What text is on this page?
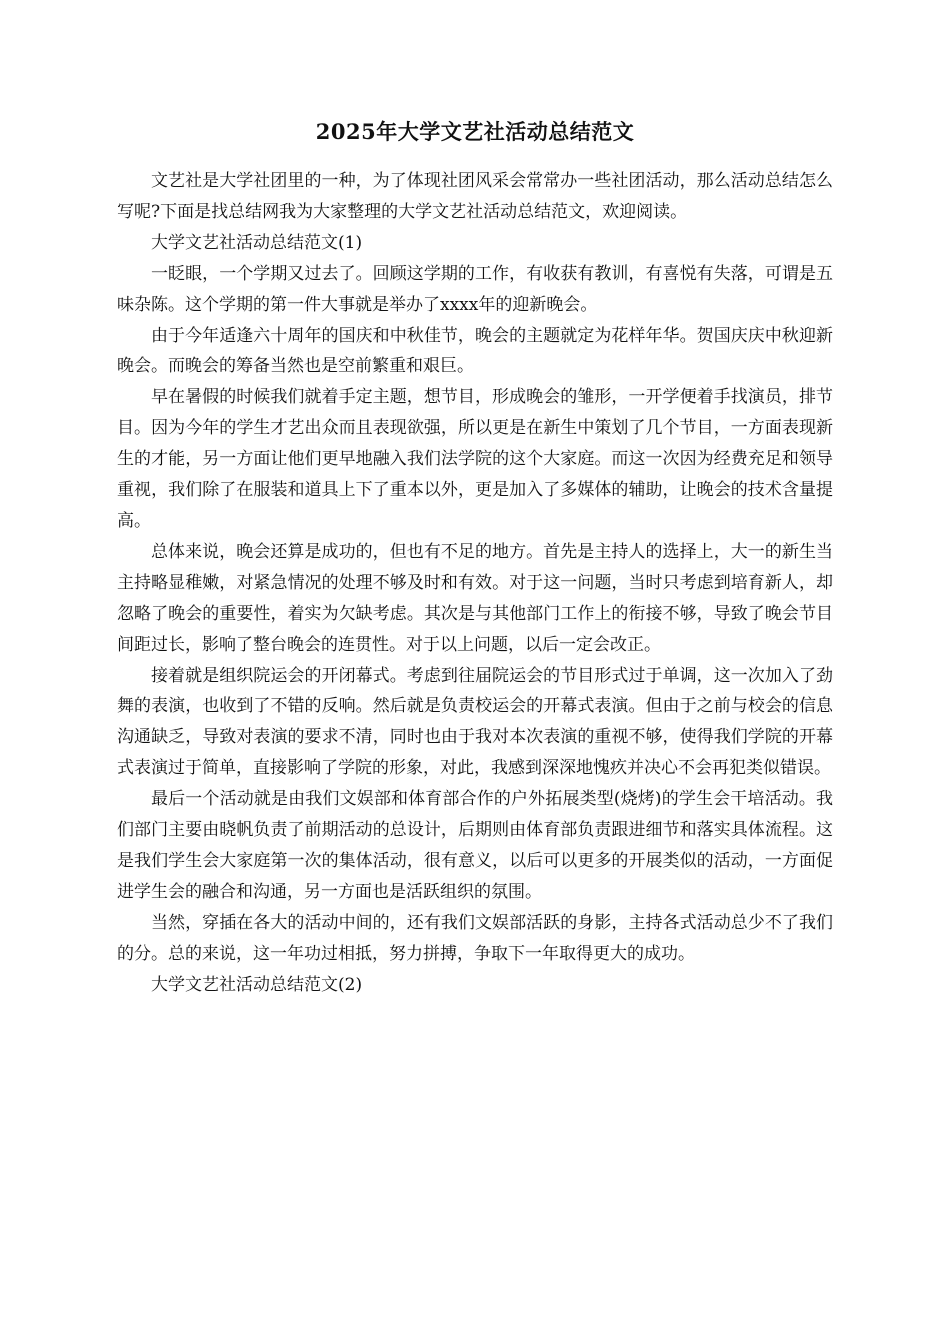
2025年大学文艺社活动总结范文

文艺社是大学社团里的一种，为了体现社团风采会常常办一些社团活动，那么活动总结怎么写呢?下面是找总结网我为大家整理的大学文艺社活动总结范文，欢迎阅读。

大学文艺社活动总结范文(1)

一眨眼，一个学期又过去了。回顾这学期的工作，有收获有教训，有喜悦有失落，可谓是五味杂陈。这个学期的第一件大事就是举办了xxxx年的迎新晚会。

由于今年适逢六十周年的国庆和中秋佳节，晚会的主题就定为花样年华。贺国庆庆中秋迎新晚会。而晚会的筹备当然也是空前繁重和艰巨。

早在暑假的时候我们就着手定主题，想节目，形成晚会的雏形，一开学便着手找演员，排节目。因为今年的学生才艺出众而且表现欲强，所以更是在新生中策划了几个节目，一方面表现新生的才能，另一方面让他们更早地融入我们法学院的这个大家庭。而这一次因为经费充足和领导重视，我们除了在服装和道具上下了重本以外，更是加入了多媒体的辅助，让晚会的技术含量提高。

总体来说，晚会还算是成功的，但也有不足的地方。首先是主持人的选择上，大一的新生当主持略显稚嫩，对紧急情况的处理不够及时和有效。对于这一问题，当时只考虑到培育新人，却忽略了晚会的重要性，着实为欠缺考虑。其次是与其他部门工作上的衔接不够，导致了晚会节目间距过长，影响了整台晚会的连贯性。对于以上问题，以后一定会改正。

接着就是组织院运会的开闭幕式。考虑到往届院运会的节目形式过于单调，这一次加入了劲舞的表演，也收到了不错的反响。然后就是负责校运会的开幕式表演。但由于之前与校会的信息沟通缺乏，导致对表演的要求不清，同时也由于我对本次表演的重视不够，使得我们学院的开幕式表演过于简单，直接影响了学院的形象，对此，我感到深深地愧疚并决心不会再犯类似错误。

最后一个活动就是由我们文娱部和体育部合作的户外拓展类型(烧烤)的学生会干培活动。我们部门主要由晓帆负责了前期活动的总设计，后期则由体育部负责跟进细节和落实具体流程。这是我们学生会大家庭第一次的集体活动，很有意义，以后可以更多的开展类似的活动，一方面促进学生会的融合和沟通，另一方面也是活跃组织的氛围。

当然，穿插在各大的活动中间的，还有我们文娱部活跃的身影，主持各式活动总少不了我们的分。总的来说，这一年功过相抵，努力拼搏，争取下一年取得更大的成功。

大学文艺社活动总结范文(2)
